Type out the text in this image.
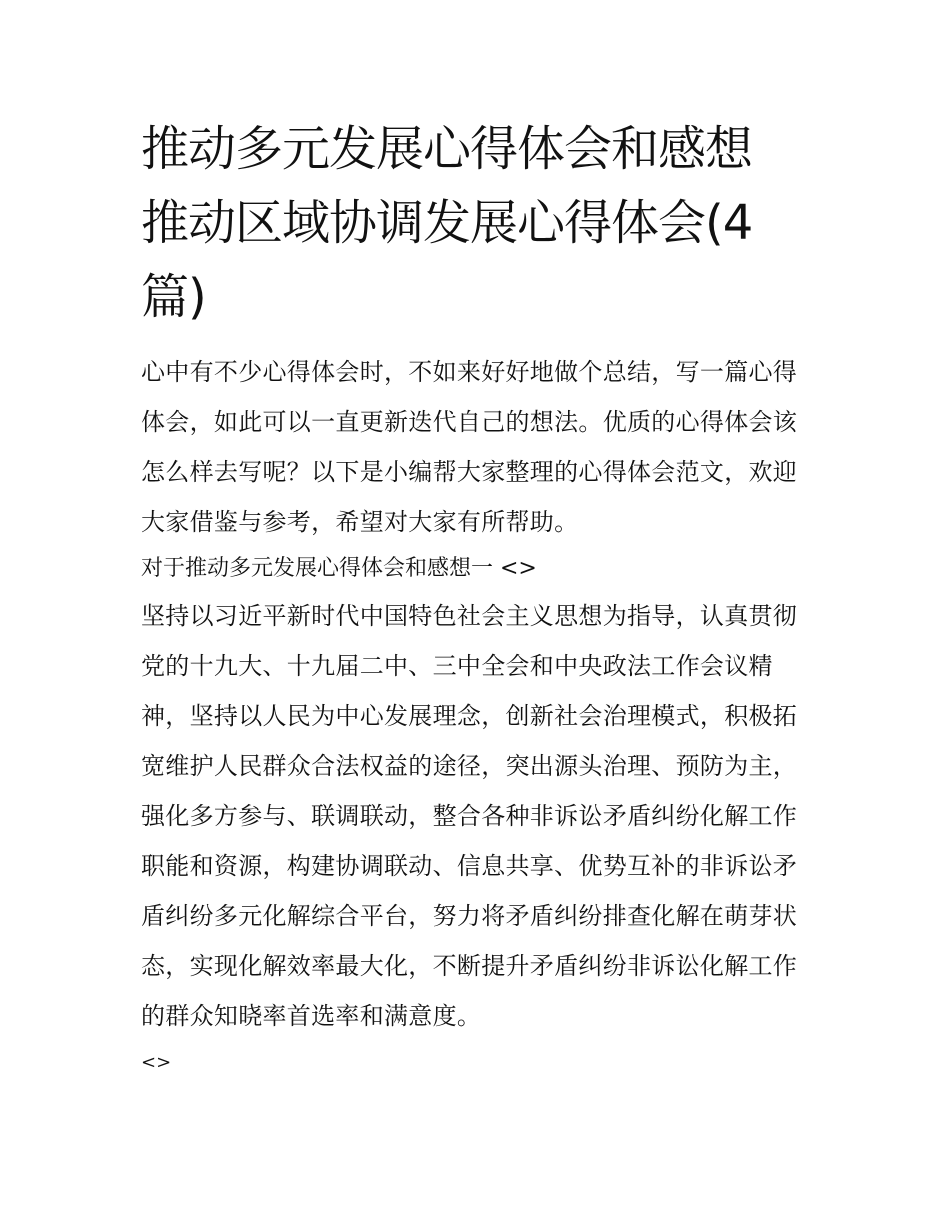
推动多元发展心得体会和感想
推动区域协调发展心得体会(4
篇)

心中有不少心得体会时，不如来好好地做个总结，写一篇心得体会，如此可以一直更新迭代自己的想法。优质的心得体会该怎么样去写呢？以下是小编帮大家整理的心得体会范文，欢迎大家借鉴与参考，希望对大家有所帮助。

对于推动多元发展心得体会和感想一 <>

坚持以习近平新时代中国特色社会主义思想为指导，认真贯彻党的十九大、十九届二中、三中全会和中央政法工作会议精神，坚持以人民为中心发展理念，创新社会治理模式，积极拓宽维护人民群众合法权益的途径，突出源头治理、预防为主，强化多方参与、联调联动，整合各种非诉讼矛盾纠纷化解工作职能和资源，构建协调联动、信息共享、优势互补的非诉讼矛盾纠纷多元化解综合平台，努力将矛盾纠纷排查化解在萌芽状态，实现化解效率最大化，不断提升矛盾纠纷非诉讼化解工作的群众知晓率首选率和满意度。

<>
